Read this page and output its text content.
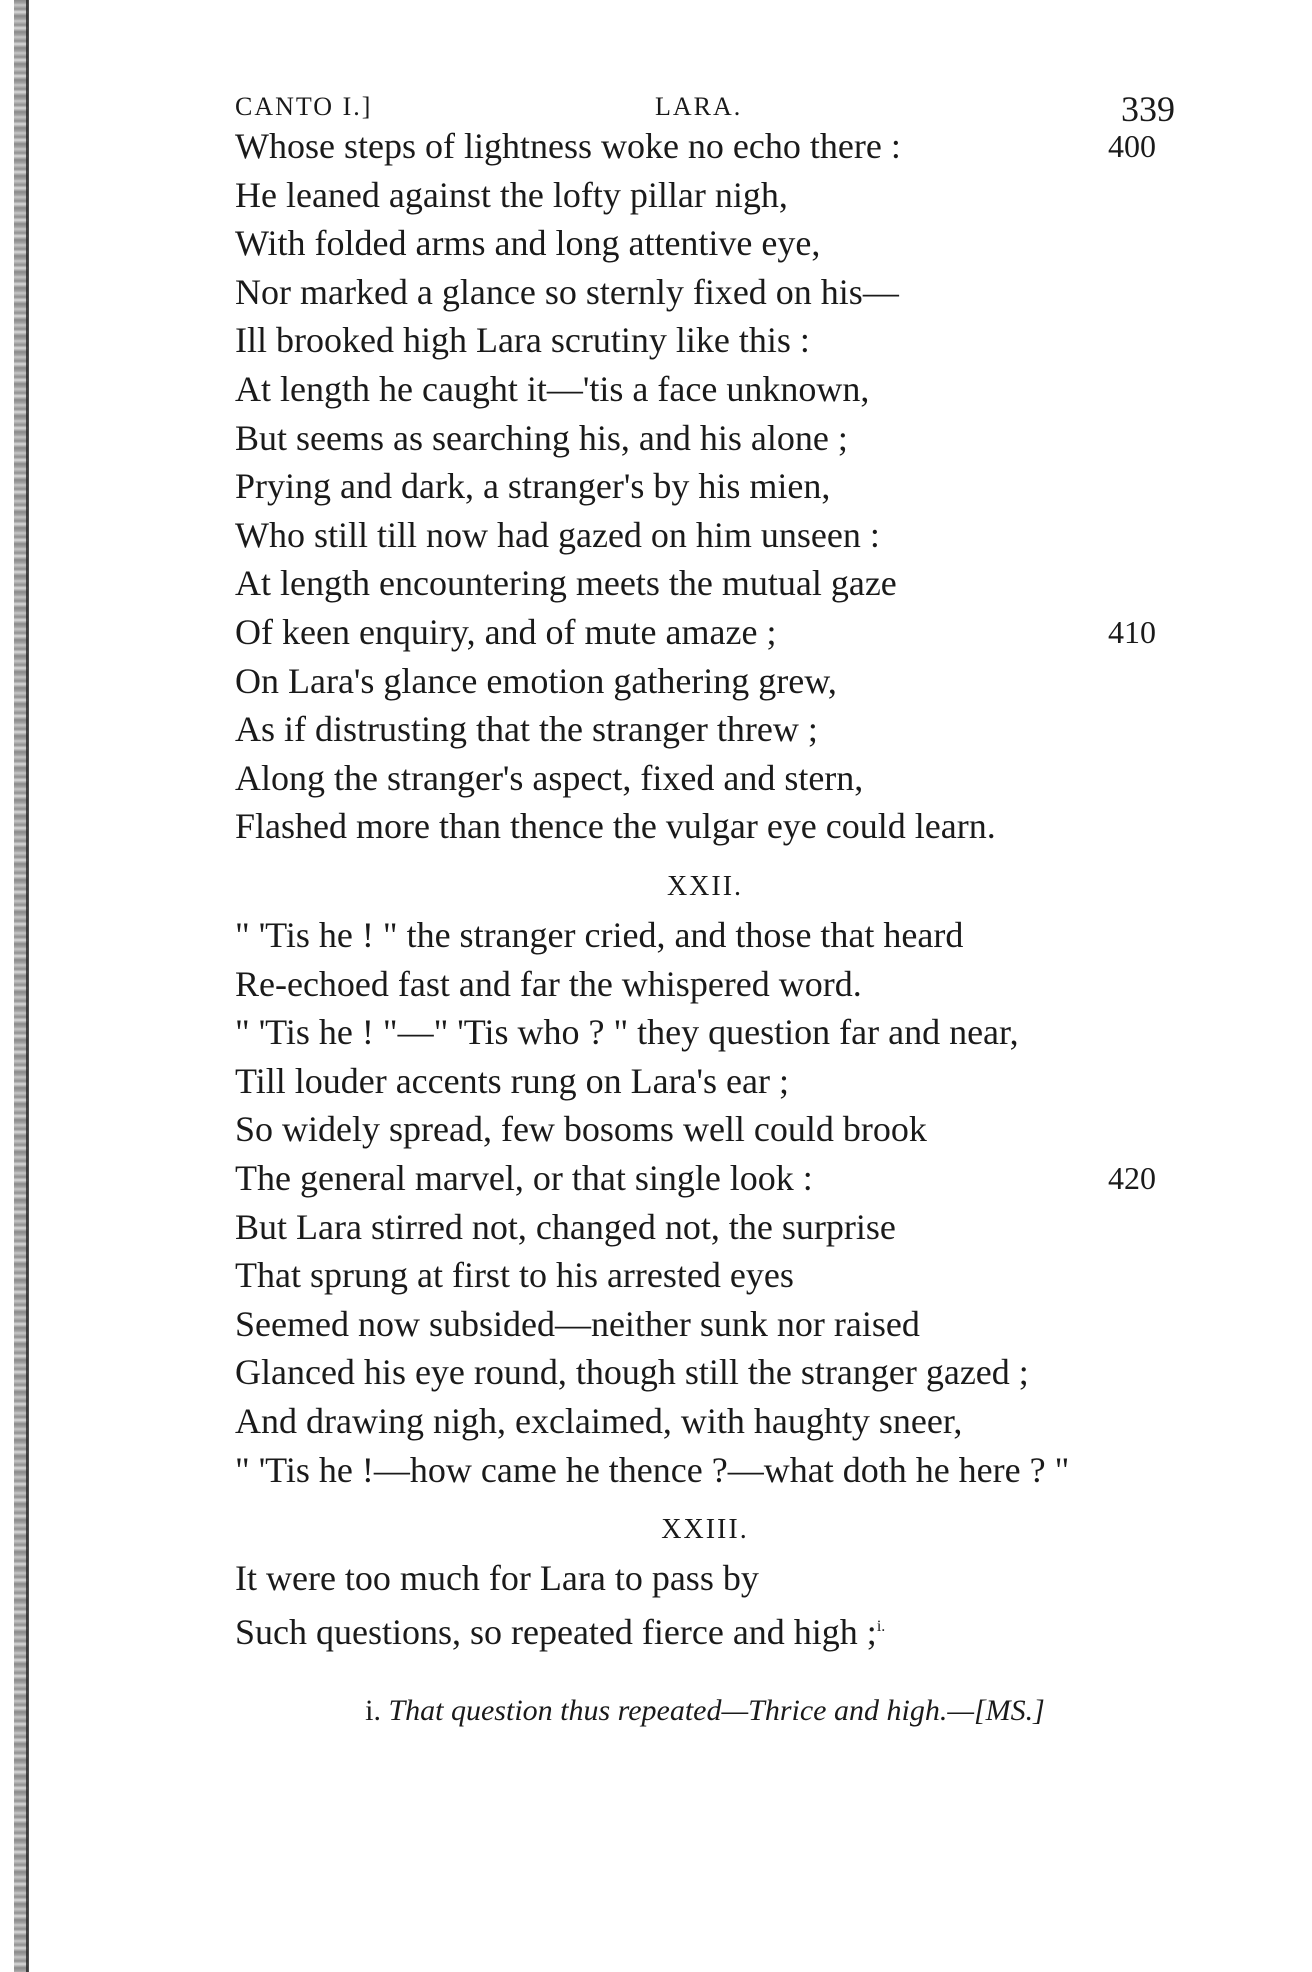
CANTO I.]	LARA.	339
Whose steps of lightness woke no echo there :	400
He leaned against the lofty pillar nigh,
With folded arms and long attentive eye,
Nor marked a glance so sternly fixed on his—
Ill brooked high Lara scrutiny like this :
At length he caught it—'tis a face unknown,
But seems as searching his, and his alone ;
Prying and dark, a stranger's by his mien,
Who still till now had gazed on him unseen :
At length encountering meets the mutual gaze
Of keen enquiry, and of mute amaze ;	410
On Lara's glance emotion gathering grew,
As if distrusting that the stranger threw ;
Along the stranger's aspect, fixed and stern,
Flashed more than thence the vulgar eye could learn.
XXII.
" 'Tis he ! " the stranger cried, and those that heard
Re-echoed fast and far the whispered word.
" 'Tis he ! "—" 'Tis who ? " they question far and near,
Till louder accents rung on Lara's ear ;
So widely spread, few bosoms well could brook
The general marvel, or that single look :	420
But Lara stirred not, changed not, the surprise
That sprung at first to his arrested eyes
Seemed now subsided—neither sunk nor raised
Glanced his eye round, though still the stranger gazed ;
And drawing nigh, exclaimed, with haughty sneer,
" 'Tis he !—how came he thence ?—what doth he here ? "
XXIII.
It were too much for Lara to pass by
Such questions, so repeated fierce and high ;$^{i.}$
i. That question thus repeated—Thrice and high.—[MS.]
